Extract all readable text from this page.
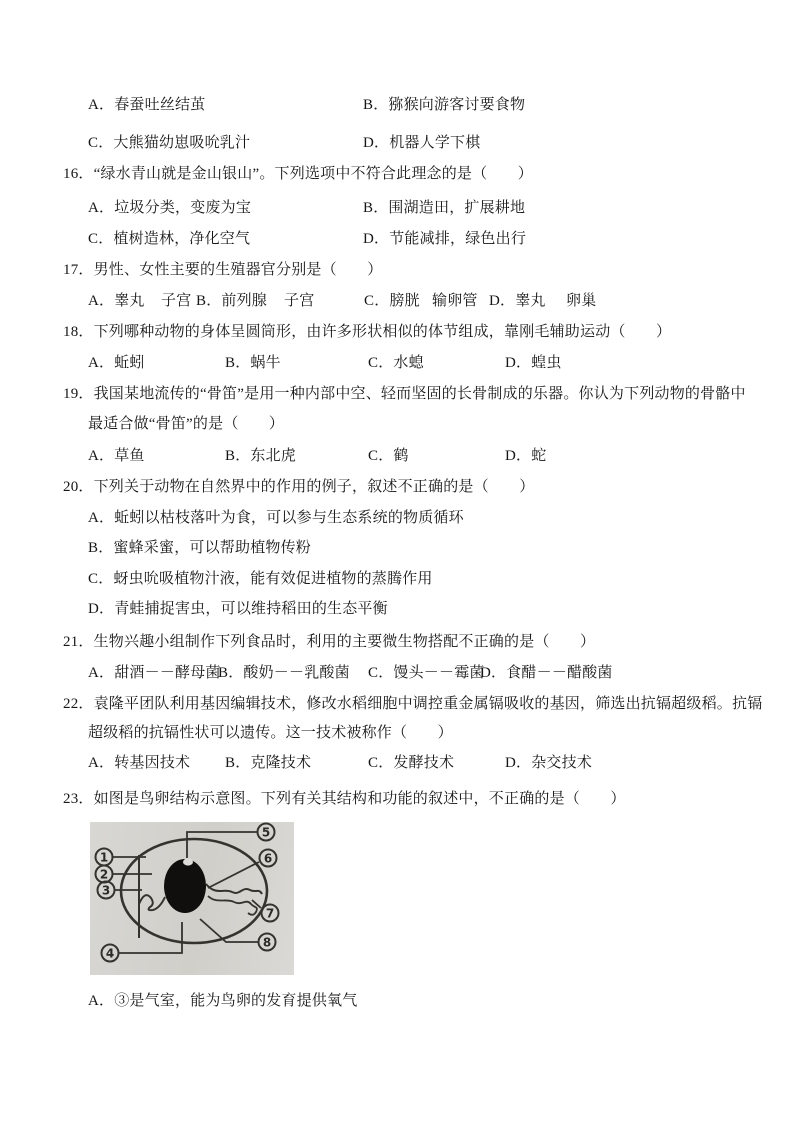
A．春蚕吐丝结茧	B．猕猴向游客讨要食物
C．大熊猫幼崽吸吮乳汁	D．机器人学下棋
16．“绿水青山就是金山银山”。下列选项中不符合此理念的是（　　）
A．垃圾分类，变废为宝	B．围湖造田，扩展耕地
C．植树造林，净化空气	D．节能减排，绿色出行
17．男性、女性主要的生殖器官分别是（　　）
A．睾丸 子宫 B．前列腺 子宫	C．膀胱 输卵管 D．睾丸 卵巢
18．下列哪种动物的身体呈圆筒形，由许多形状相似的体节组成，靠刚毛辅助运动（　　）
A．蚯蚓	B．蜗牛	C．水螅	D．蝗虫
19．我国某地流传的“骨笛”是用一种内部中空、轻而坚固的长骨制成的乐器。你认为下列动物的骨骼中
最适合做“骨笛”的是（　　）
A．草鱼	B．东北虎	C．鹤	D．蛇
20．下列关于动物在自然界中的作用的例子，叙述不正确的是（　　）
A．蚯蚓以枯枝落叶为食，可以参与生态系统的物质循环
B．蜜蜂采蜜，可以帮助植物传粉
C．蚜虫吮吸植物汁液，能有效促进植物的蒸腾作用
D．青蛙捕捉害虫，可以维持稻田的生态平衡
21．生物兴趣小组制作下列食品时，利用的主要微生物搭配不正确的是（　　）
A．甜酒－－酵母菌
B．酸奶－－乳酸菌 C．馒头－－霉菌
D．食醋－－醋酸菌
22．袁隆平团队利用基因编辑技术，修改水稻细胞中调控重金属镉吸收的基因，筛选出抗镉超级稻。抗镉
超级稻的抗镉性状可以遗传。这一技术被称作（　　）
A．转基因技术 B．克隆技术	C．发酵技术	D．杂交技术
23．如图是鸟卵结构示意图。下列有关其结构和功能的叙述中，不正确的是（　　）
1
2
3
4
5
6
7
8
A．③是气室，能为鸟卵的发育提供氧气
